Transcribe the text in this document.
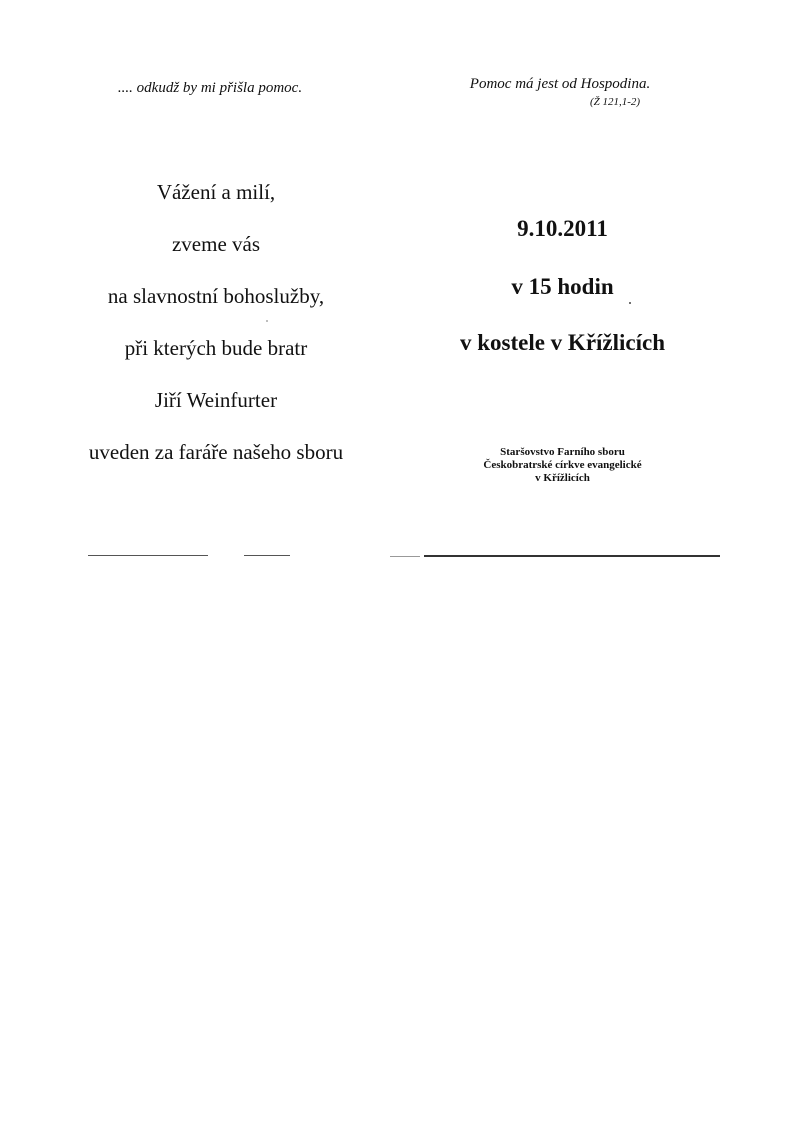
.... odkudž by mi přišla pomoc.	Pomoc má jest od Hospodina.
(Ž 121,1-2)
Vážení a milí,
zveme vás
na slavnostní bohoslužby,
při kterých bude bratr
Jiří Weinfurter
uveden za faráře našeho sboru
9.10.2011
v 15 hodin
v kostele v Křížlicích
Staršovstvo Farního sboru
Českobratrské církve evangelické
v Křížlicích
